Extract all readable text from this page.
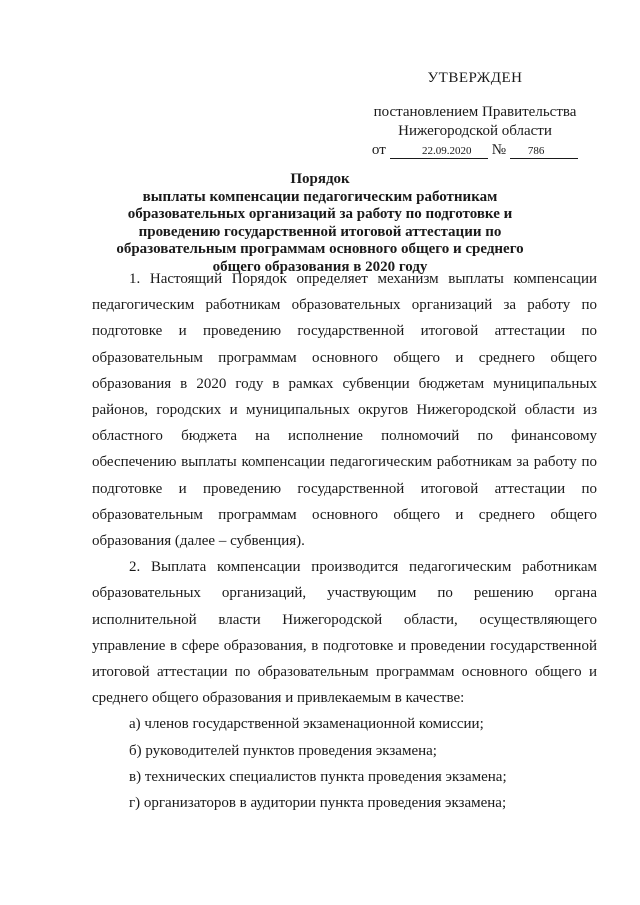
УТВЕРЖДЕН
постановлением Правительства
Нижегородской области
от	22.09.2020	№	786
Порядок
выплаты компенсации педагогическим работникам образовательных организаций за работу по подготовке и проведению государственной итоговой аттестации по образовательным программам основного общего и среднего общего образования в 2020 году

1. Настоящий Порядок определяет механизм выплаты компенсации педагогическим работникам образовательных организаций за работу по подготовке и проведению государственной итоговой аттестации по образовательным программам основного общего и среднего общего образования в 2020 году в рамках субвенции бюджетам муниципальных районов, городских и муниципальных округов Нижегородской области из областного бюджета на исполнение полномочий по финансовому обеспечению выплаты компенсации педагогическим работникам за работу по подготовке и проведению государственной итоговой аттестации по образовательным программам основного общего и среднего общего образования (далее – субвенция).

2. Выплата компенсации производится педагогическим работникам образовательных организаций, участвующим по решению органа исполнительной власти Нижегородской области, осуществляющего управление в сфере образования, в подготовке и проведении государственной итоговой аттестации по образовательным программам основного общего и среднего общего образования и привлекаемым в качестве:

а) членов государственной экзаменационной комиссии;

б) руководителей пунктов проведения экзамена;

в) технических специалистов пункта проведения экзамена;

г) организаторов в аудитории пункта проведения экзамена;
